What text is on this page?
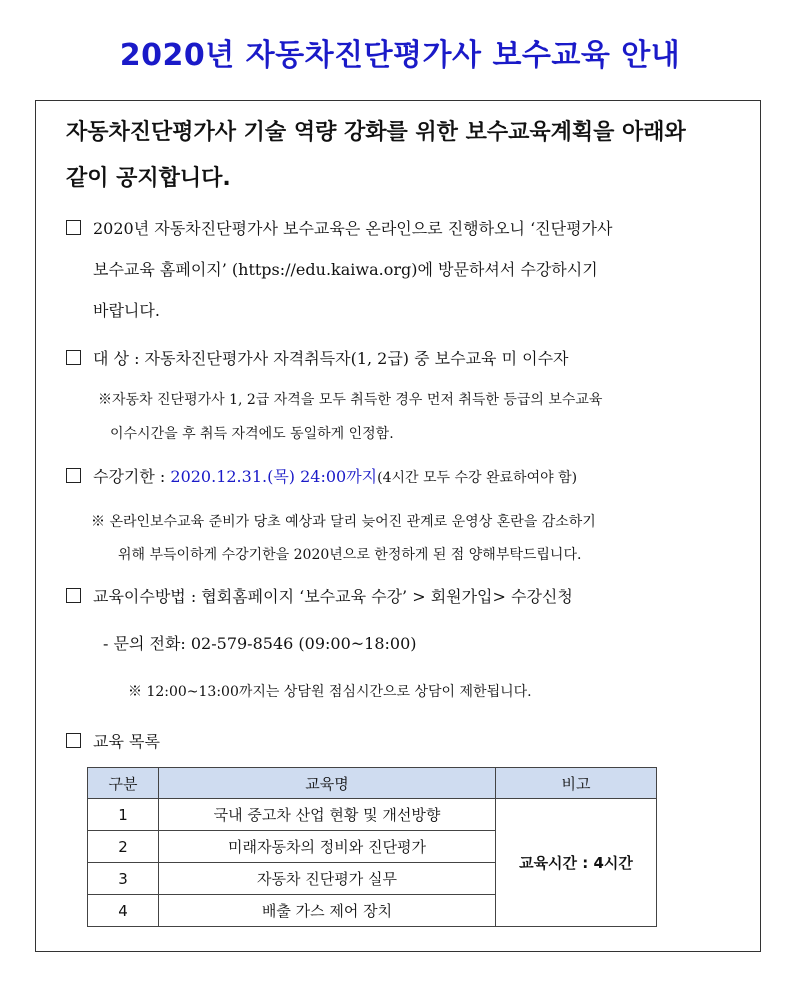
2020년 자동차진단평가사 보수교육 안내
자동차진단평가사 기술 역량 강화를 위한 보수교육계획을 아래와
같이 공지합니다.
2020년 자동차진단평가사 보수교육은 온라인으로 진행하오니 ‘진단평가사
보수교육 홈페이지’ (https://edu.kaiwa.org)에 방문하셔서 수강하시기
바랍니다.
대 상 : 자동차진단평가사 자격취득자(1, 2급) 중 보수교육 미 이수자
※자동차 진단평가사 1, 2급 자격을 모두 취득한 경우 먼저 취득한 등급의 보수교육
이수시간을 후 취득 자격에도 동일하게 인정함.
수강기한 : 2020.12.31.(목) 24:00까지(4시간 모두 수강 완료하여야 함)
※ 온라인보수교육 준비가 당초 예상과 달리 늦어진 관계로 운영상 혼란을 감소하기
위해 부득이하게 수강기한을 2020년으로 한정하게 된 점 양해부탁드립니다.
교육이수방법 : 협회홈페이지 ‘보수교육 수강’ > 회원가입> 수강신청
- 문의 전화: 02-579-8546 (09:00~18:00)
※ 12:00~13:00까지는 상담원 점심시간으로 상담이 제한됩니다.
교육 목록
구분	교육명	비고
1	국내 중고차 산업 현황 및 개선방향	교육시간 : 4시간
2	미래자동차의 정비와 진단평가	
3	자동차 진단평가 실무	
4	배출 가스 제어 장치	
